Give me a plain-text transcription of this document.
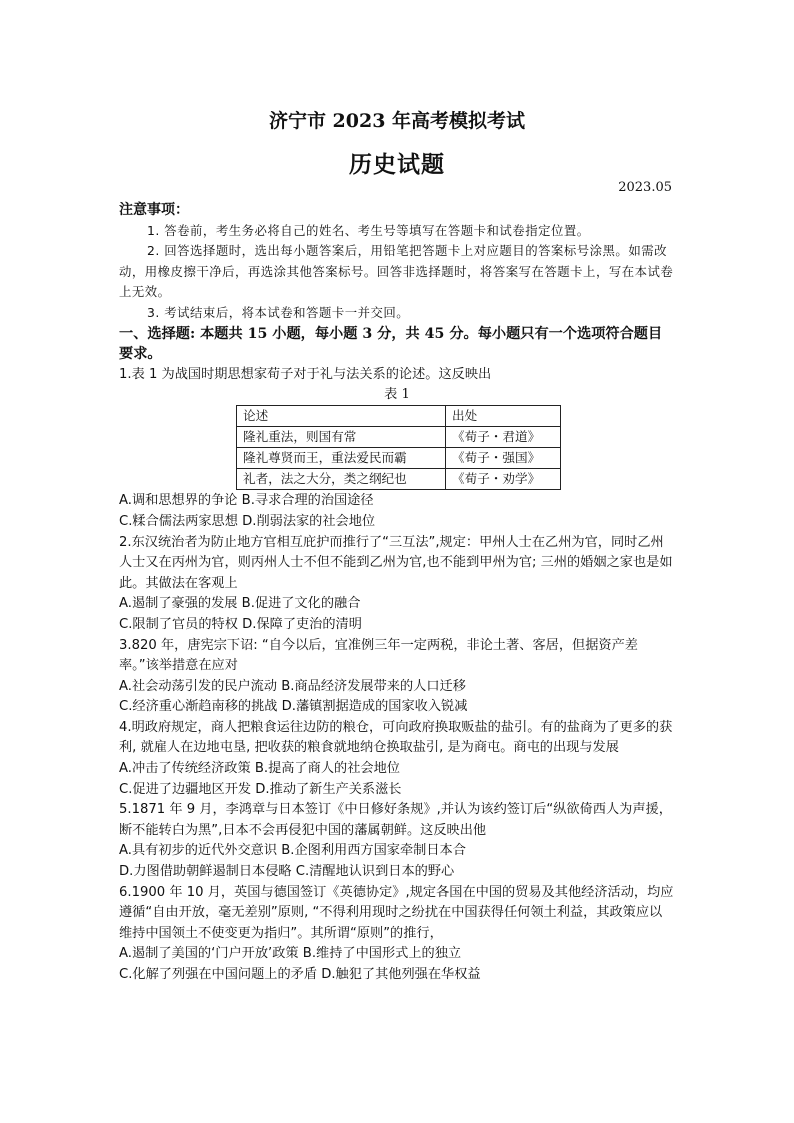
济宁市 2023 年高考模拟考试
历史试题
2023.05

注意事项：

1. 答卷前，考生务必将自己的姓名、考生号等填写在答题卡和试卷指定位置。

2. 回答选择题时，选出每小题答案后，用铅笔把答题卡上对应题目的答案标号涂黑。如需改动，用橡皮擦干净后，再选涂其他答案标号。回答非选择题时，将答案写在答题卡上，写在本试卷上无效。

3. 考试结束后，将本试卷和答题卡一并交回。

一、选择题: 本题共 15 小题，每小题 3 分，共 45 分。每小题只有一个选项符合题目要求。

1.表 1 为战国时期思想家荀子对于礼与法关系的论述。这反映出

表 1

论述	出处
隆礼重法，则国有常	《荀子・君道》
隆礼尊贤而王，重法爱民而霸	《荀子・强国》
礼者，法之大分，类之纲纪也	《荀子・劝学》

A.调和思想界的争论 B.寻求合理的治国途径

C.糅合儒法两家思想 D.削弱法家的社会地位

2.东汉统治者为防止地方官相互庇护而推行了“三互法”,规定：甲州人士在乙州为官，同时乙州人士又在丙州为官，则丙州人士不但不能到乙州为官,也不能到甲州为官; 三州的婚姻之家也是如此。其做法在客观上

A.遏制了豪强的发展 B.促进了文化的融合

C.限制了官员的特权 D.保障了吏治的清明

3.820 年，唐宪宗下诏: “自今以后，宜准例三年一定两税，非论土著、客居，但据资产差率。”该举措意在应对

A.社会动荡引发的民户流动 B.商品经济发展带来的人口迁移

C.经济重心渐趋南移的挑战 D.藩镇割据造成的国家收入锐减

4.明政府规定，商人把粮食运往边防的粮仓，可向政府换取贩盐的盐引。有的盐商为了更多的获利, 就雇人在边地屯垦, 把收获的粮食就地纳仓换取盐引, 是为商屯。商屯的出现与发展

A.冲击了传统经济政策 B.提高了商人的社会地位

C.促进了边疆地区开发 D.推动了新生产关系滋长

5.1871 年 9 月，李鸿章与日本签订《中日修好条规》,并认为该约签订后“纵欲倚西人为声援，断不能转白为黑”,日本不会再侵犯中国的藩属朝鲜。这反映出他

A.具有初步的近代外交意识 B.企图利用西方国家牵制日本合

D.力图借助朝鲜遏制日本侵略 C.清醒地认识到日本的野心

6.1900 年 10 月，英国与德国签订《英德协定》,规定各国在中国的贸易及其他经济活动，均应遵循“自由开放，毫无差别”原则, “不得利用现时之纷扰在中国获得任何领土利益，其政策应以维持中国领土不使变更为指归”。其所谓“原则”的推行，

A.遏制了美国的‘门户开放’政策 B.维持了中国形式上的独立

C.化解了列强在中国问题上的矛盾 D.触犯了其他列强在华权益
